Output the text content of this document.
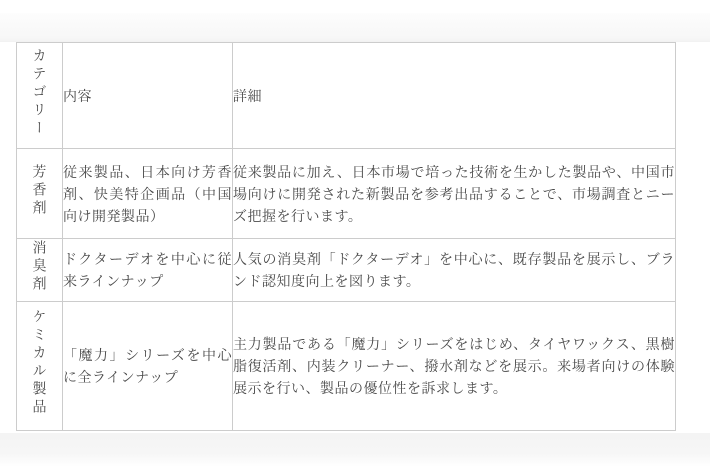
カテゴリー	内容	詳細
芳香剤	従来製品、日本向け芳香剤、快美特企画品（中国向け開発製品）	従来製品に加え、日本市場で培った技術を生かした製品や、中国市場向けに開発された新製品を参考出品することで、市場調査とニーズ把握を行います。
消臭剤	ドクターデオを中心に従来ラインナップ	人気の消臭剤「ドクターデオ」を中心に、既存製品を展示し、ブランド認知度向上を図ります。
ケミカル製品	「魔力」シリーズを中心に全ラインナップ	主力製品である「魔力」シリーズをはじめ、タイヤワックス、黒樹脂復活剤、内装クリーナー、撥水剤などを展示。来場者向けの体験展示を行い、製品の優位性を訴求します。
